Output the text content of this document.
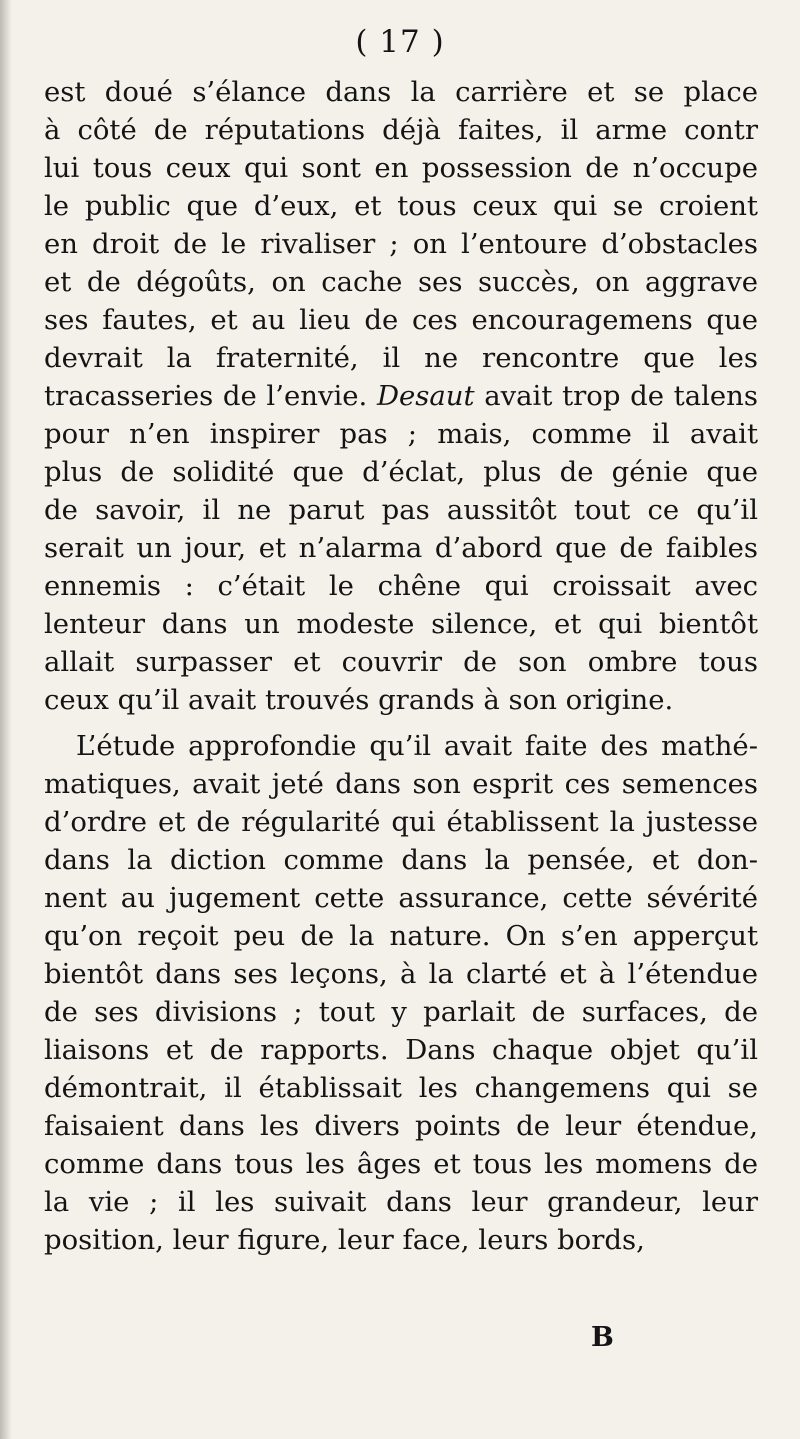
( 17 )
est doué s’élance dans la carrière et se place
à côté de réputations déjà faites, il arme contr
lui tous ceux qui sont en possession de n’occupe
le public que d’eux, et tous ceux qui se croient
en droit de le rivaliser ; on l’entoure d’obstacles
et de dégoûts, on cache ses succès, on aggrave
ses fautes, et au lieu de ces encouragemens que
devrait la fraternité, il ne rencontre que les
tracasseries de l’envie. Desaut avait trop de talens
pour n’en inspirer pas ; mais, comme il avait
plus de solidité que d’éclat, plus de génie que
de savoir, il ne parut pas aussitôt tout ce qu’il
serait un jour, et n’alarma d’abord que de faibles
ennemis : c’était le chêne qui croissait avec
lenteur dans un modeste silence, et qui bientôt
allait surpasser et couvrir de son ombre tous
ceux qu’il avait trouvés grands à son origine.
L’étude approfondie qu’il avait faite des mathé-
matiques, avait jeté dans son esprit ces semences
d’ordre et de régularité qui établissent la justesse
dans la diction comme dans la pensée, et don-
nent au jugement cette assurance, cette sévérité
qu’on reçoit peu de la nature. On s’en apperçut
bientôt dans ses leçons, à la clarté et à l’étendue
de ses divisions ; tout y parlait de surfaces, de
liaisons et de rapports. Dans chaque objet qu’il
démontrait, il établissait les changemens qui se
faisaient dans les divers points de leur étendue,
comme dans tous les âges et tous les momens de
la vie ; il les suivait dans leur grandeur, leur
position, leur figure, leur face, leurs bords,
B
